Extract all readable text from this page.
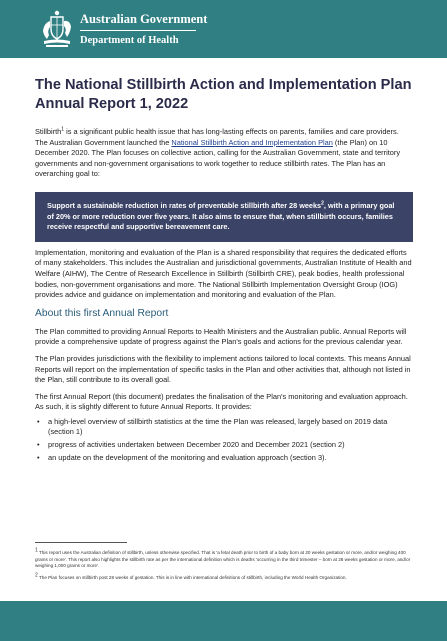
Australian Government
Department of Health
The National Stillbirth Action and Implementation Plan Annual Report 1, 2022

Stillbirth$^1$ is a significant public health issue that has long-lasting effects on parents, families and care providers. The Australian Government launched the National Stillbirth Action and Implementation Plan (the Plan) on 10 December 2020. The Plan focuses on collective action, calling for the Australian Government, state and territory governments and non-government organisations to work together to reduce stillbirth rates. The Plan has an overarching goal to:

Support a sustainable reduction in rates of preventable stillbirth after 28 weeks$^2$, with a primary goal of 20% or more reduction over five years. It also aims to ensure that, when stillbirth occurs, families receive respectful and supportive bereavement care.

Implementation, monitoring and evaluation of the Plan is a shared responsibility that requires the dedicated efforts of many stakeholders. This includes the Australian and jurisdictional governments, Australian Institute of Health and Welfare (AIHW), The Centre of Research Excellence in Stillbirth (Stillbirth CRE), peak bodies, health professional bodies, non-government organisations and more. The National Stillbirth Implementation Oversight Group (IOG) provides advice and guidance on implementation and monitoring and evaluation of the Plan.

About this first Annual Report

The Plan committed to providing Annual Reports to Health Ministers and the Australian public. Annual Reports will provide a comprehensive update of progress against the Plan's goals and actions for the previous calendar year.

The Plan provides jurisdictions with the flexibility to implement actions tailored to local contexts. This means Annual Reports will report on the implementation of specific tasks in the Plan and other activities that, although not listed in the Plan, still contribute to its overall goal.

The first Annual Report (this document) predates the finalisation of the Plan's monitoring and evaluation approach. As such, it is slightly different to future Annual Reports. It provides:

• a high-level overview of stillbirth statistics at the time the Plan was released, largely based on 2019 data (section 1)
• progress of activities undertaken between December 2020 and December 2021 (section 2)
• an update on the development of the monitoring and evaluation approach (section 3).
$^1$ This report uses the Australian definition of stillbirth, unless otherwise specified. That is 'a fetal death prior to birth of a baby born at 20 weeks gestation or more, and/or weighing 400 grams or more'. This report also highlights the stillbirth rate as per the international definition which is deaths 'occurring in the third trimester – born at 28 weeks gestation or more, and/or weighing 1,000 grams or more'.
$^2$ The Plan focuses on stillbirth post 28 weeks of gestation. This is in line with international definitions of stillbirth, including the World Health Organization.
